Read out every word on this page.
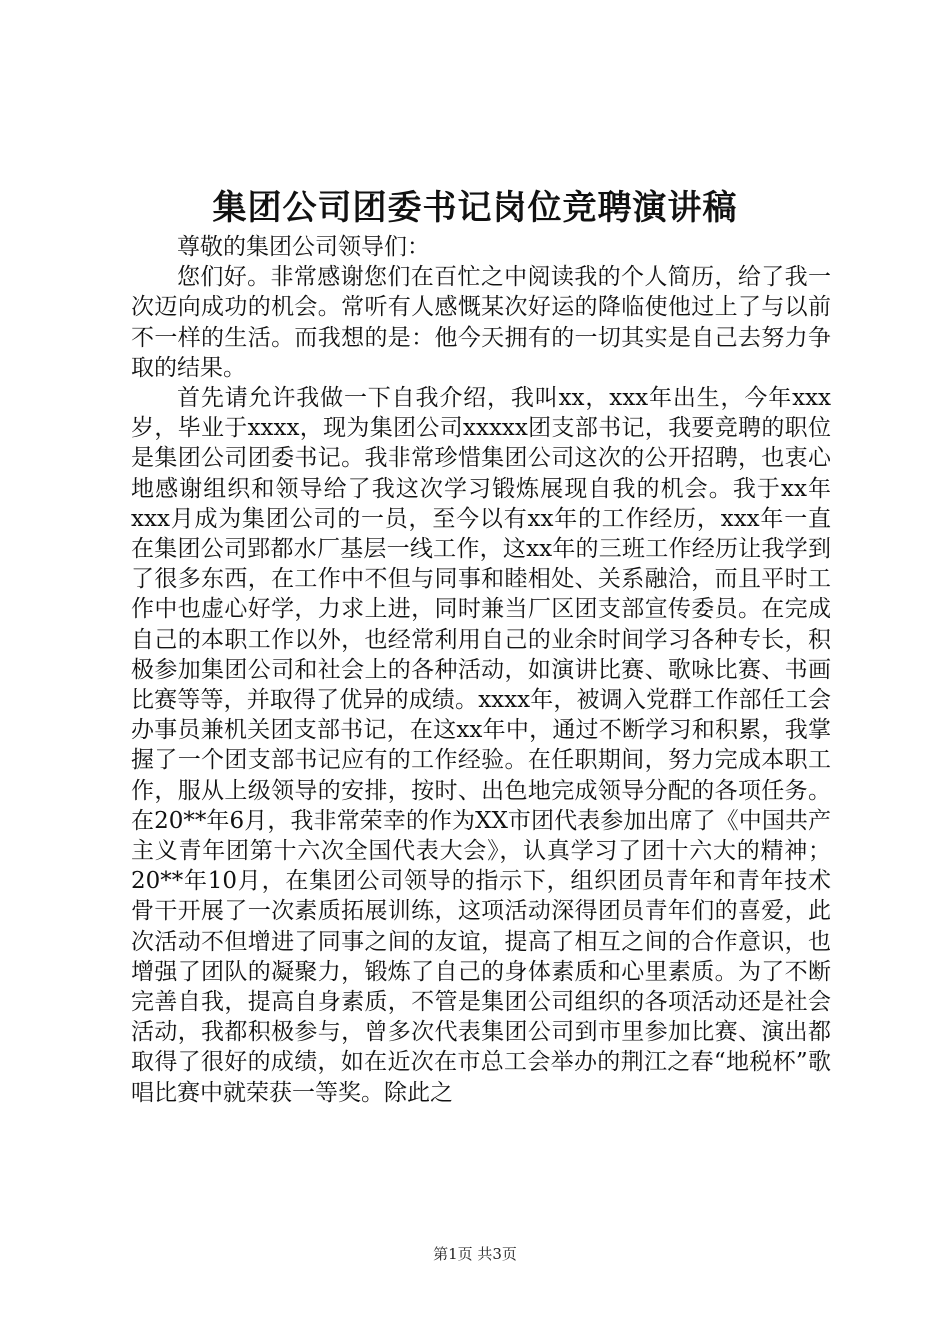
集团公司团委书记岗位竞聘演讲稿

尊敬的集团公司领导们：

您们好。非常感谢您们在百忙之中阅读我的个人简历，给了我一次迈向成功的机会。常听有人感慨某次好运的降临使他过上了与以前不一样的生活。而我想的是：他今天拥有的一切其实是自己去努力争取的结果。

首先请允许我做一下自我介绍，我叫xx，xxx年出生，今年xxx岁，毕业于xxxx，现为集团公司xxxxx团支部书记，我要竞聘的职位是集团公司团委书记。我非常珍惜集团公司这次的公开招聘，也衷心地感谢组织和领导给了我这次学习锻炼展现自我的机会。我于xx年xxx月成为集团公司的一员，至今以有xx年的工作经历，xxx年一直在集团公司郢都水厂基层一线工作，这xx年的三班工作经历让我学到了很多东西，在工作中不但与同事和睦相处、关系融洽，而且平时工作中也虚心好学，力求上进，同时兼当厂区团支部宣传委员。在完成自己的本职工作以外，也经常利用自己的业余时间学习各种专长，积极参加集团公司和社会上的各种活动，如演讲比赛、歌咏比赛、书画比赛等等，并取得了优异的成绩。xxxx年，被调入党群工作部任工会办事员兼机关团支部书记，在这xx年中，通过不断学习和积累，我掌握了一个团支部书记应有的工作经验。在任职期间，努力完成本职工作，服从上级领导的安排，按时、出色地完成领导分配的各项任务。在20**年6月，我非常荣幸的作为XX市团代表参加出席了《中国共产主义青年团第十六次全国代表大会》，认真学习了团十六大的精神；20**年10月，在集团公司领导的指示下，组织团员青年和青年技术骨干开展了一次素质拓展训练，这项活动深得团员青年们的喜爱，此次活动不但增进了同事之间的友谊，提高了相互之间的合作意识，也增强了团队的凝聚力，锻炼了自己的身体素质和心里素质。为了不断完善自我，提高自身素质，不管是集团公司组织的各项活动还是社会活动，我都积极参与，曾多次代表集团公司到市里参加比赛、演出都取得了很好的成绩，如在近次在市总工会举办的荆江之春“地税杯”歌唱比赛中就荣获一等奖。除此之

第1页 共3页
